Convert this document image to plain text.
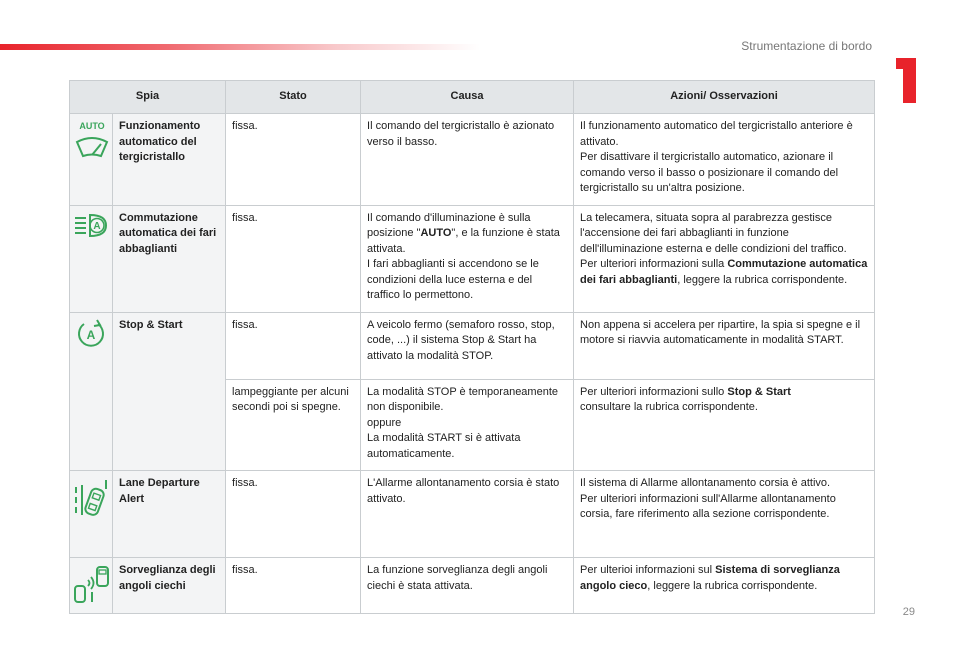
Strumentazione di bordo
Spia		Stato	Causa	Azioni/ Osservazioni

AUTO	Funzionamento automatico del tergicristallo	fissa.	Il comando del tergicristallo è azionato verso il basso.	Il funzionamento automatico del tergicristallo anteriore è attivato.
Per disattivare il tergicristallo automatico, azionare il comando verso il basso o posizionare il comando del tergicristallo su un'altra posizione.

A	Commutazione automatica dei fari abbaglianti	fissa.	Il comando d'illuminazione è sulla posizione "AUTO", e la funzione è stata attivata.
I fari abbaglianti si accendono se le condizioni della luce esterna e del traffico lo permettono.	La telecamera, situata sopra al parabrezza gestisce l'accensione dei fari abbaglianti in funzione dell'illuminazione esterna e delle condizioni del traffico.
Per ulteriori informazioni sulla Commutazione automatica dei fari abbaglianti, leggere la rubrica corrispondente.

A	Stop & Start	fissa.	A veicolo fermo (semaforo rosso, stop, code, ...) il sistema Stop & Start ha attivato la modalità STOP.	Non appena si accelera per ripartire, la spia si spegne e il motore si riavvia automaticamente in modalità START.
		lampeggiante per alcuni secondi poi si spegne.	La modalità STOP è temporaneamente non disponibile.
oppure
La modalità START si è attivata automaticamente.	Per ulteriori informazioni sullo Stop & Start
consultare la rubrica corrispondente.

	Lane Departure Alert	fissa.	L'Allarme allontanamento corsia è stato attivato.	Il sistema di Allarme allontanamento corsia è attivo.
Per ulteriori informazioni sull'Allarme allontanamento corsia, fare riferimento alla sezione corrispondente.

	Sorveglianza degli angoli ciechi	fissa.	La funzione sorveglianza degli angoli ciechi è stata attivata.	Per ulterioi informazioni sul Sistema di sorveglianza angolo cieco, leggere la rubrica corrispondente.
29
